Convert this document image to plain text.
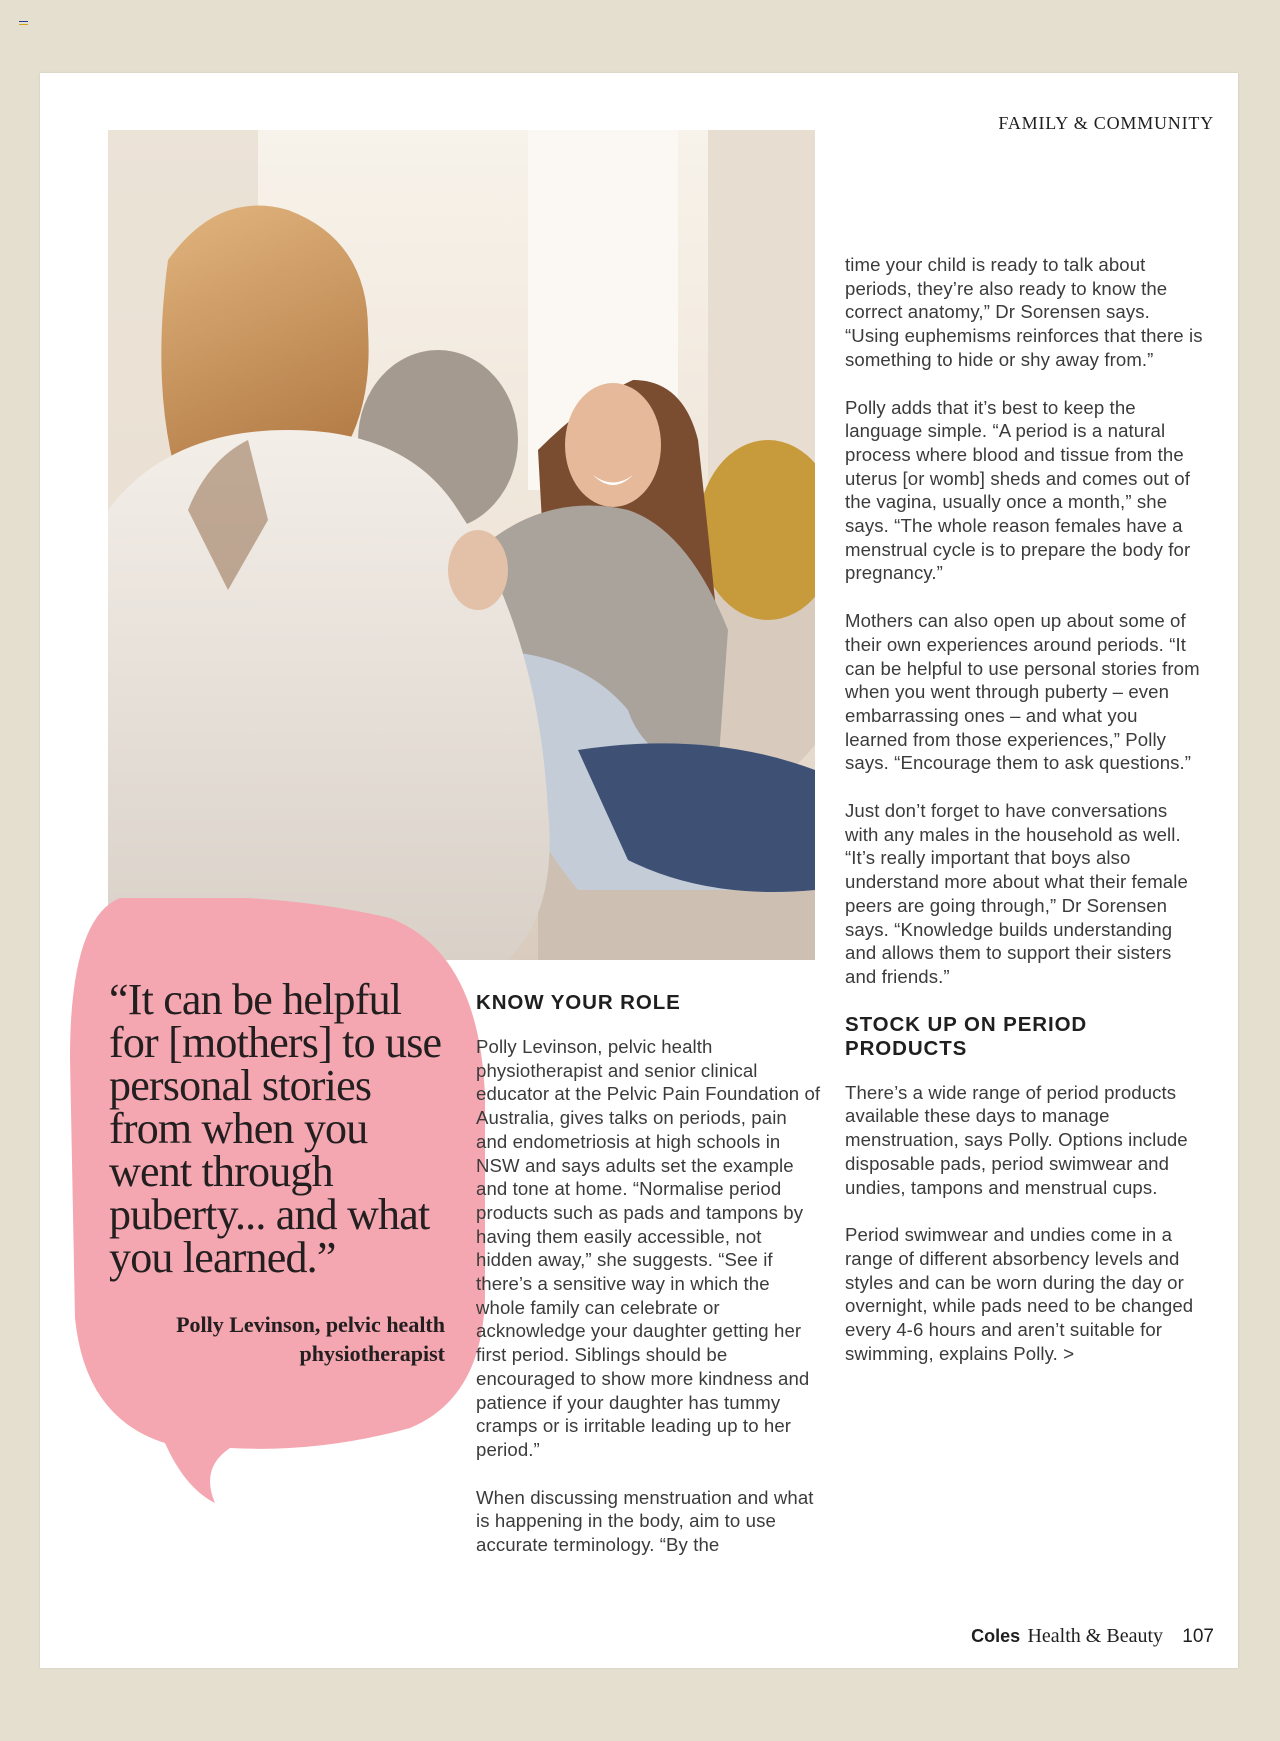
FAMILY & COMMUNITY

“It can be helpful for [mothers] to use personal stories from when you went through puberty... and what you learned.”

Polly Levinson, pelvic health physiotherapist

KNOW YOUR ROLE

Polly Levinson, pelvic health physiotherapist and senior clinical educator at the Pelvic Pain Foundation of Australia, gives talks on periods, pain and endometriosis at high schools in NSW and says adults set the example and tone at home. “Normalise period products such as pads and tampons by having them easily accessible, not hidden away,” she suggests. “See if there’s a sensitive way in which the whole family can celebrate or acknowledge your daughter getting her first period. Siblings should be encouraged to show more kindness and patience if your daughter has tummy cramps or is irritable leading up to her period.”

When discussing menstruation and what is happening in the body, aim to use accurate terminology. “By the

time your child is ready to talk about periods, they’re also ready to know the correct anatomy,” Dr Sorensen says. “Using euphemisms reinforces that there is something to hide or shy away from.”

Polly adds that it’s best to keep the language simple. “A period is a natural process where blood and tissue from the uterus [or womb] sheds and comes out of the vagina, usually once a month,” she says. “The whole reason females have a menstrual cycle is to prepare the body for pregnancy.”

Mothers can also open up about some of their own experiences around periods. “It can be helpful to use personal stories from when you went through puberty – even embarrassing ones – and what you learned from those experiences,” Polly says. “Encourage them to ask questions.”

Just don’t forget to have conversations with any males in the household as well. “It’s really important that boys also understand more about what their female peers are going through,” Dr Sorensen says. “Knowledge builds understanding and allows them to support their sisters and friends.”

STOCK UP ON PERIOD PRODUCTS

There’s a wide range of period products available these days to manage menstruation, says Polly. Options include disposable pads, period swimwear and undies, tampons and menstrual cups.

Period swimwear and undies come in a range of different absorbency levels and styles and can be worn during the day or overnight, while pads need to be changed every 4-6 hours and aren’t suitable for swimming, explains Polly. >

Coles Health & Beauty 107
